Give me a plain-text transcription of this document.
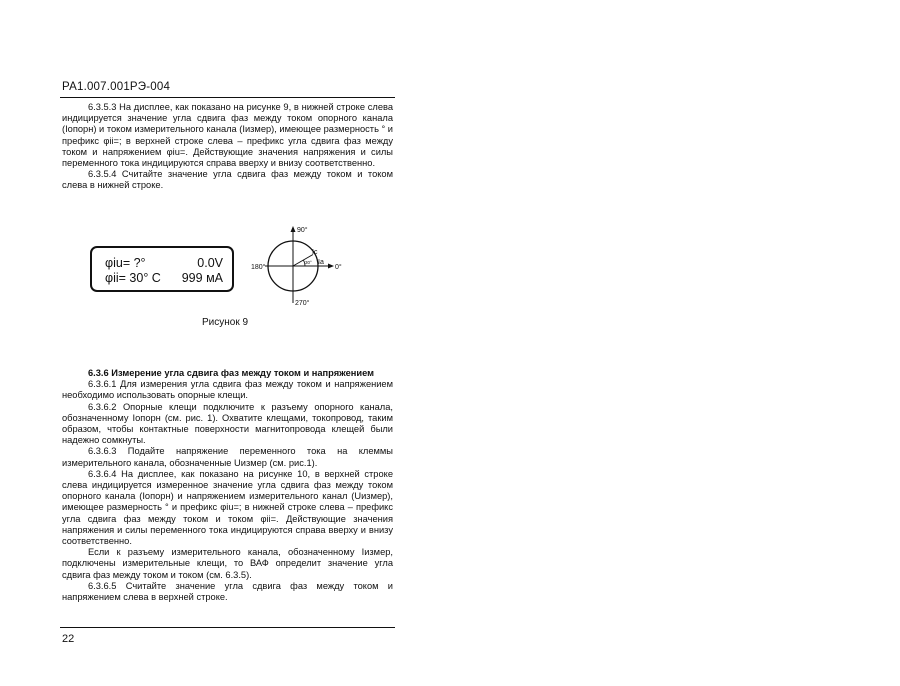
РА1.007.001РЭ-004

6.3.5.3 На дисплее, как показано на рисунке 9, в нижней строке слева индицируется значение угла сдвига фаз между током опорного канала (Iопорн) и током измерительного канала (Iизмер), имеющее размерность ° и префикс φii=; в верхней строке слева – префикс угла сдвига фаз между током и напряжением φiu=. Действующие значения напряжения и силы переменного тока индицируются справа вверху и внизу соответственно.

6.3.5.4 Считайте значение угла сдвига фаз между током и током слева в нижней строке.

φiu= ?°	0.0V
φii= 30° C 999 мА
90°
180°	0°
270°
Ic
Ia
30°
Рисунок 9

6.3.6 Измерение угла сдвига фаз между током и напряжением

6.3.6.1 Для измерения угла сдвига фаз между током и напряжением необходимо использовать опорные клещи.

6.3.6.2 Опорные клещи подключите к разъему опорного канала, обозначенному Iопорн (см. рис. 1). Охватите клещами, токопровод, таким образом, чтобы контактные поверхности магнитопровода клещей были надежно сомкнуты.

6.3.6.3 Подайте напряжение переменного тока на клеммы измерительного канала, обозначенные Uизмер (см. рис.1).

6.3.6.4 На дисплее, как показано на рисунке 10, в верхней строке слева индицируется измеренное значение угла сдвига фаз между током опорного канала (Iопорн) и напряжением измерительного канал (Uизмер), имеющее размерность ° и префикс φiu=; в нижней строке слева – префикс угла сдвига фаз между током и током φii=. Действующие значения напряжения и силы переменного тока индицируются справа вверху и внизу соответственно.

Если к разъему измерительного канала, обозначенному Iизмер, подключены измерительные клещи, то ВАФ определит значение угла сдвига фаз между током и током (см. 6.3.5).

6.3.6.5 Считайте значение угла сдвига фаз между током и напряжением слева в верхней строке.

22
